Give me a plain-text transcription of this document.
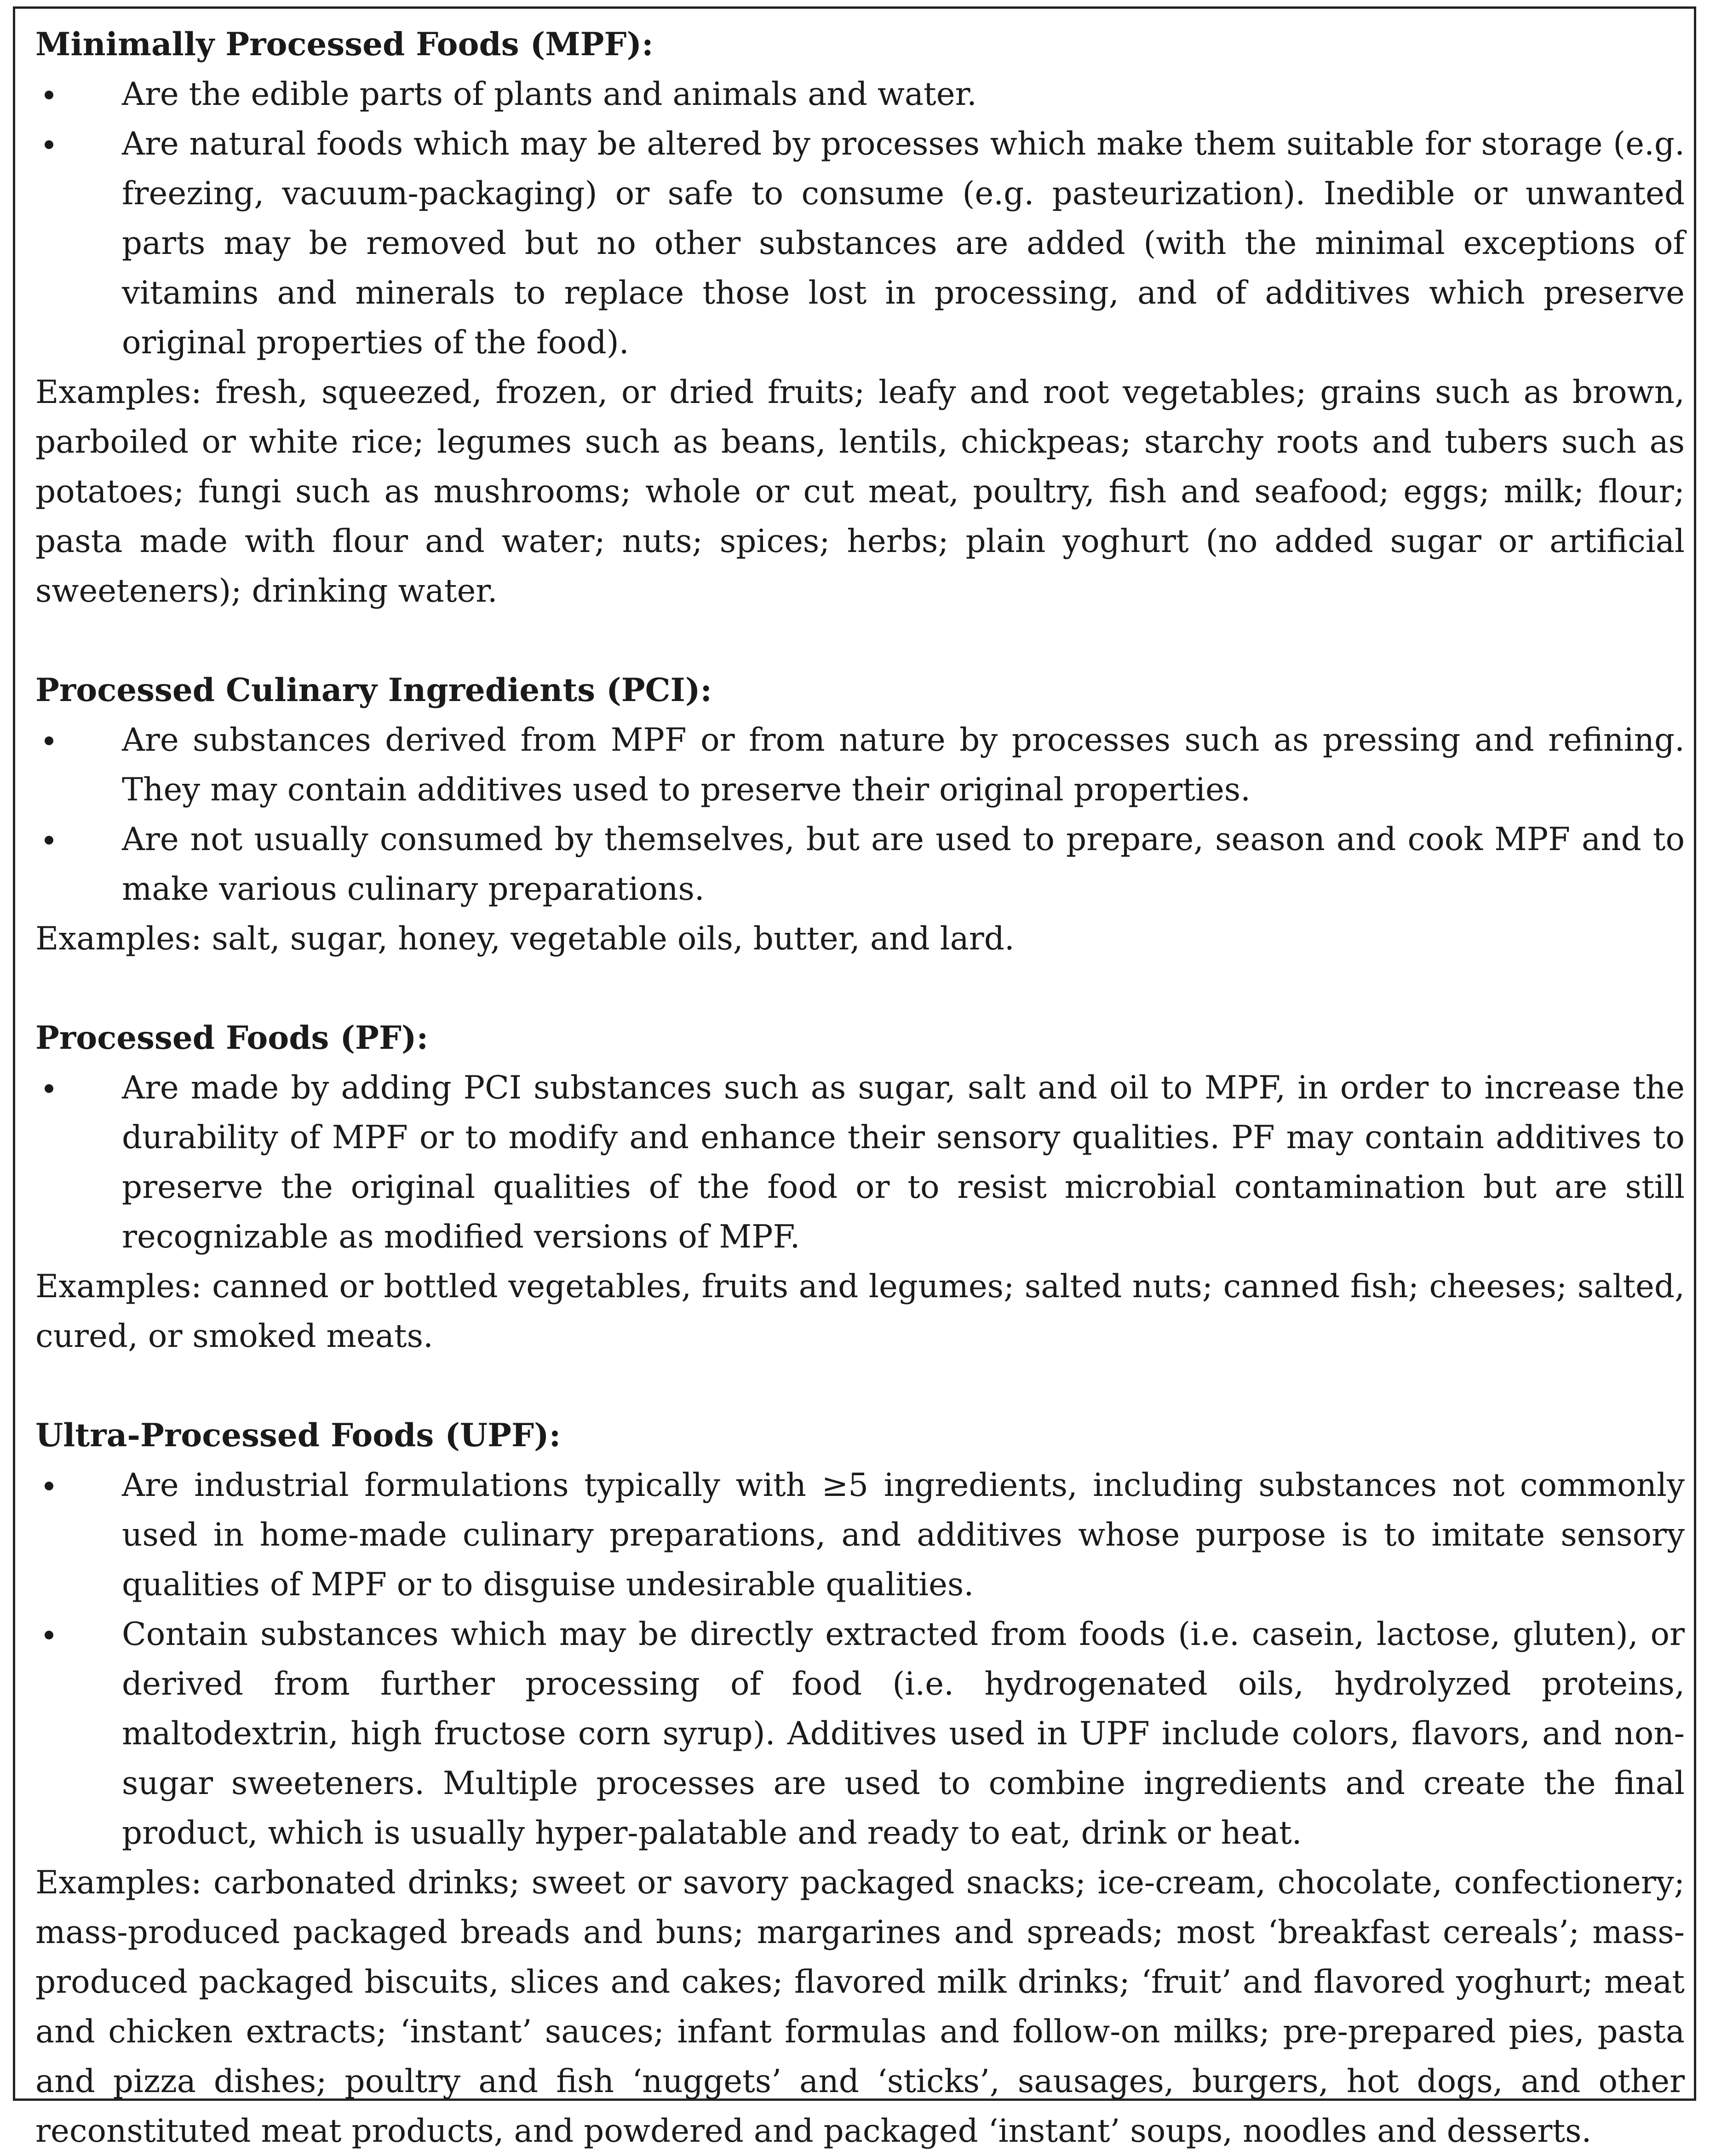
Minimally Processed Foods (MPF):

Are the edible parts of plants and animals and water.
Are natural foods which may be altered by processes which make them suitable for storage (e.g. freezing, vacuum-packaging) or safe to consume (e.g. pasteurization). Inedible or unwanted parts may be removed but no other substances are added (with the minimal exceptions of vitamins and minerals to replace those lost in processing, and of additives which preserve original properties of the food).

Examples: fresh, squeezed, frozen, or dried fruits; leafy and root vegetables; grains such as brown, parboiled or white rice; legumes such as beans, lentils, chickpeas; starchy roots and tubers such as potatoes; fungi such as mushrooms; whole or cut meat, poultry, fish and seafood; eggs; milk; flour; pasta made with flour and water; nuts; spices; herbs; plain yoghurt (no added sugar or artificial sweeteners); drinking water.

Processed Culinary Ingredients (PCI):

Are substances derived from MPF or from nature by processes such as pressing and refining. They may contain additives used to preserve their original properties.
Are not usually consumed by themselves, but are used to prepare, season and cook MPF and to make various culinary preparations.

Examples: salt, sugar, honey, vegetable oils, butter, and lard.

Processed Foods (PF):

Are made by adding PCI substances such as sugar, salt and oil to MPF, in order to increase the durability of MPF or to modify and enhance their sensory qualities. PF may contain additives to preserve the original qualities of the food or to resist microbial contamination but are still recognizable as modified versions of MPF.

Examples: canned or bottled vegetables, fruits and legumes; salted nuts; canned fish; cheeses; salted, cured, or smoked meats.

Ultra-Processed Foods (UPF):

Are industrial formulations typically with ≥5 ingredients, including substances not commonly used in home-made culinary preparations, and additives whose purpose is to imitate sensory qualities of MPF or to disguise undesirable qualities.
Contain substances which may be directly extracted from foods (i.e. casein, lactose, gluten), or derived from further processing of food (i.e. hydrogenated oils, hydrolyzed proteins, maltodextrin, high fructose corn syrup). Additives used in UPF include colors, flavors, and non-sugar sweeteners. Multiple processes are used to combine ingredients and create the final product, which is usually hyper-palatable and ready to eat, drink or heat.

Examples: carbonated drinks; sweet or savory packaged snacks; ice-cream, chocolate, confectionery; mass-produced packaged breads and buns; margarines and spreads; most ‘breakfast cereals’; mass-produced packaged biscuits, slices and cakes; flavored milk drinks; ‘fruit’ and flavored yoghurt; meat and chicken extracts; ‘instant’ sauces; infant formulas and follow-on milks; pre-prepared pies, pasta and pizza dishes; poultry and fish ‘nuggets’ and ‘sticks’, sausages, burgers, hot dogs, and other reconstituted meat products, and powdered and packaged ‘instant’ soups, noodles and desserts.
